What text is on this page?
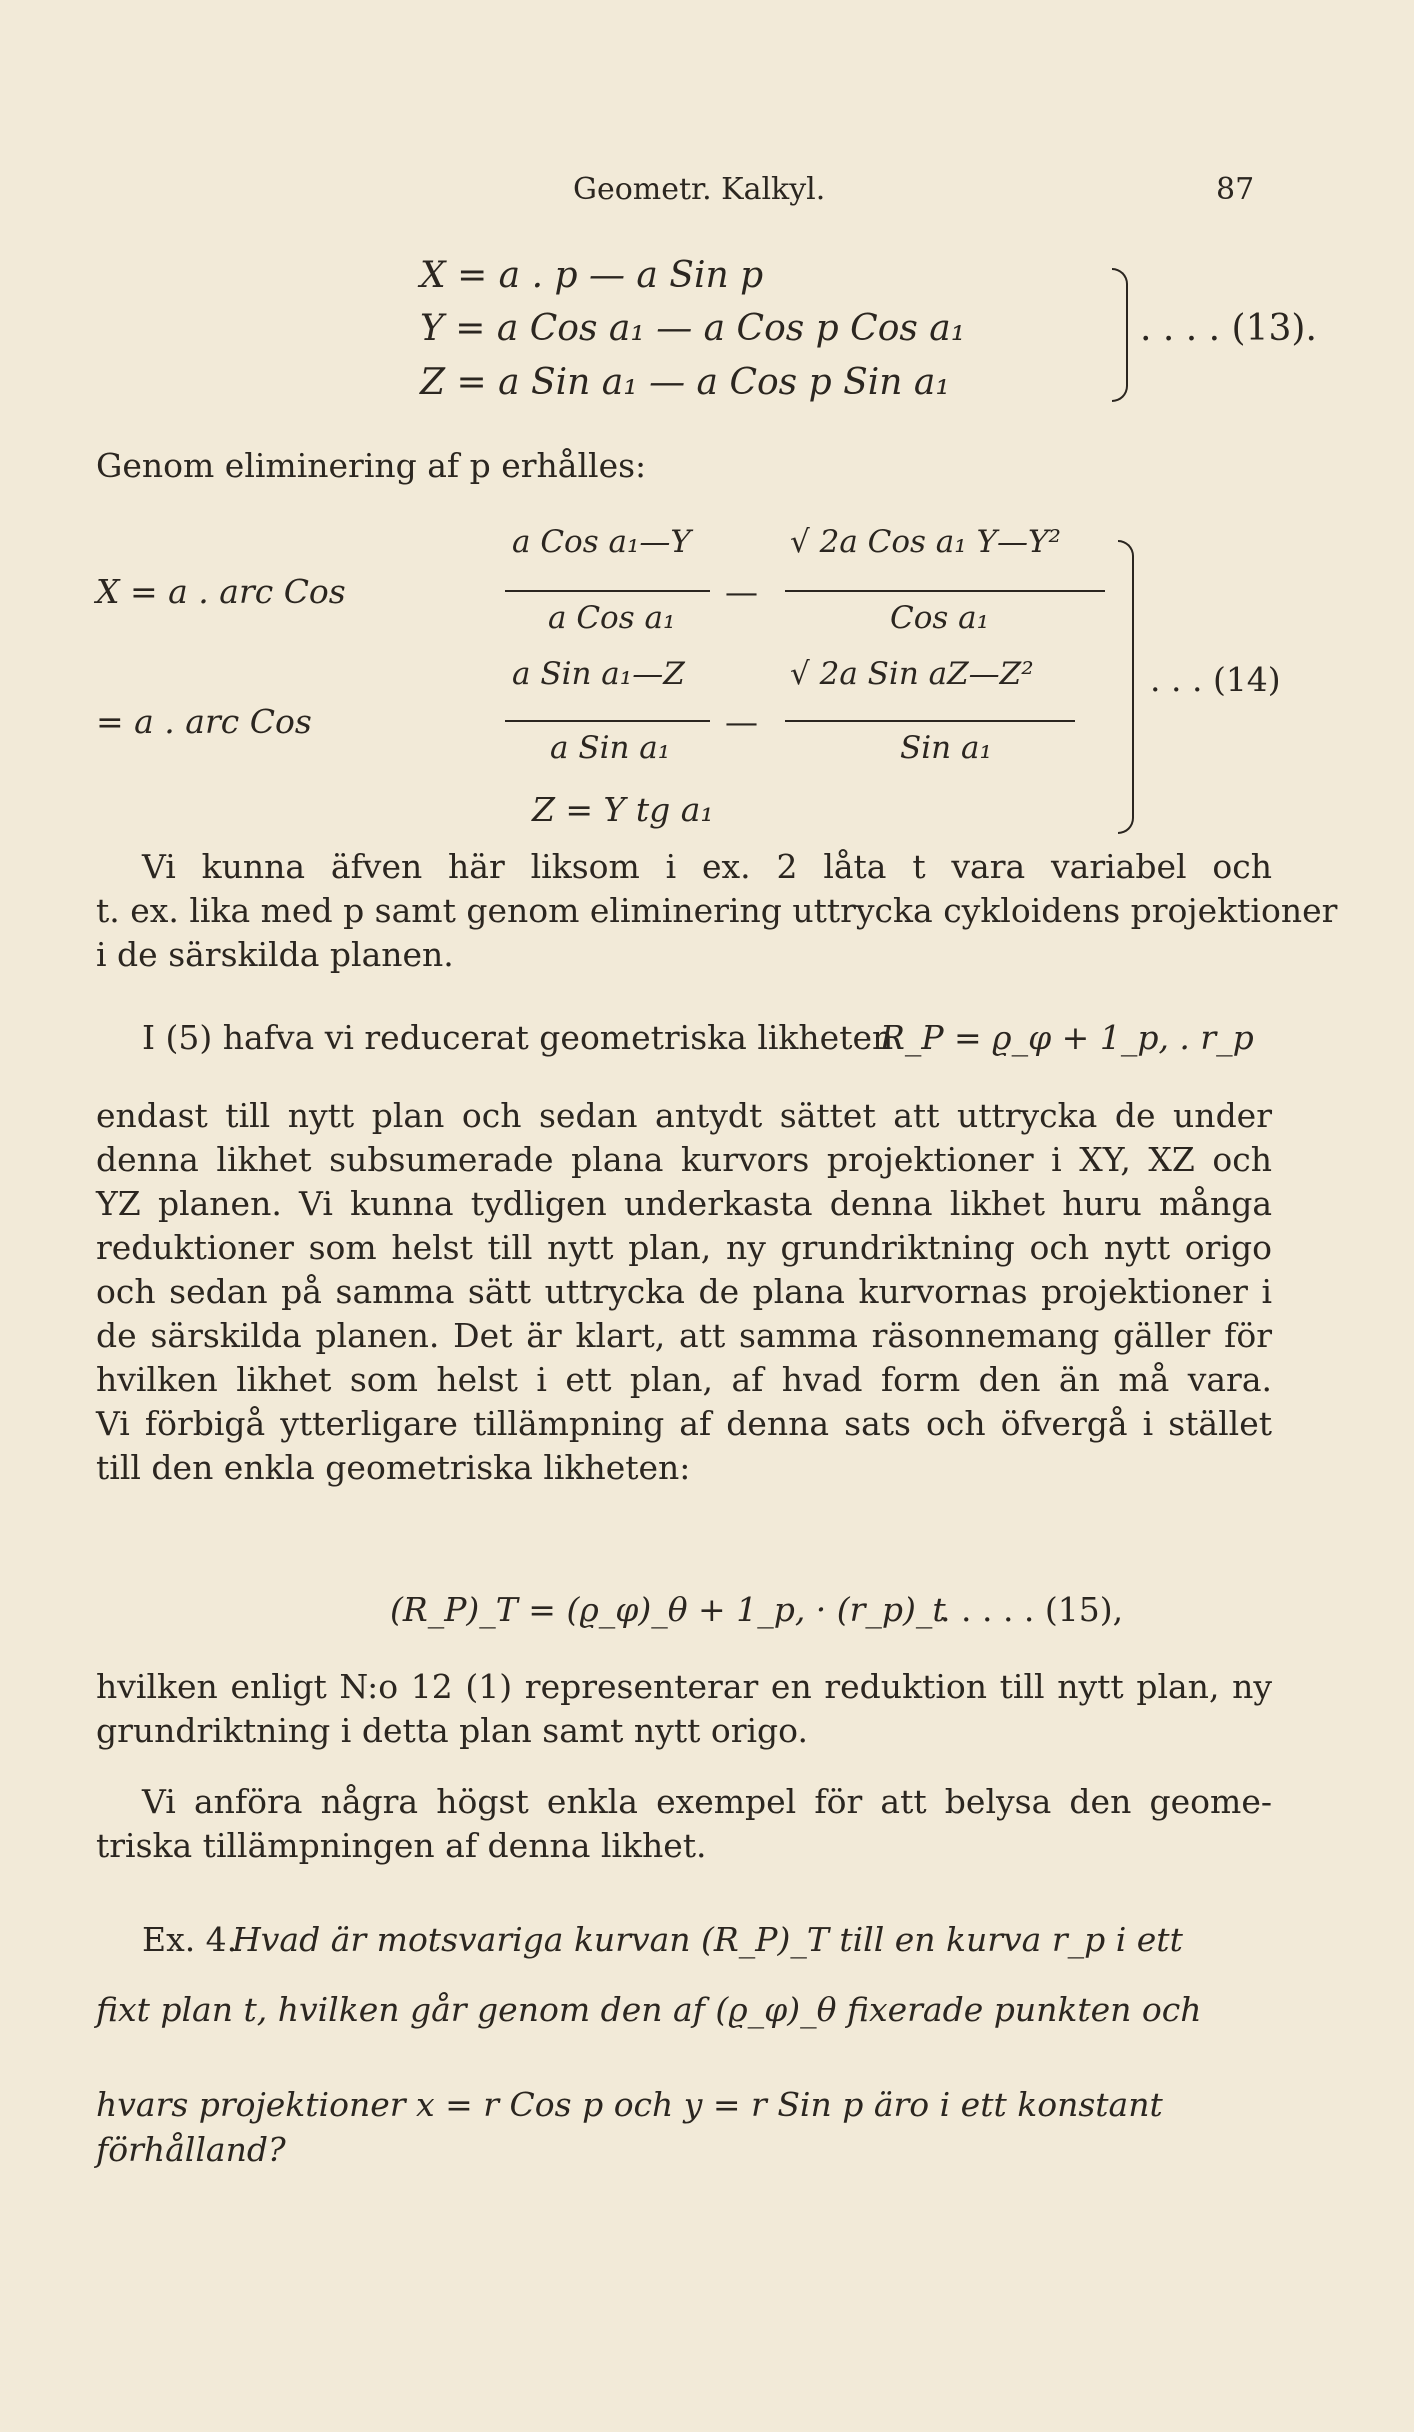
Geometr. Kalkyl.	87
X = a . p — a Sin p
Y = a Cos a₁ — a Cos p Cos a₁
Z = a Sin a₁ — a Cos p Sin a₁
. . . . (13).
Genom eliminering af p erhålles:
X = a . arc Cos
a Cos a₁—Y
a Cos a₁
—
√ 2a Cos a₁ Y—Y²
Cos a₁
= a . arc Cos
a Sin a₁—Z
a Sin a₁
—
√ 2a Sin aZ—Z²
Sin a₁
Z = Y tg a₁
. . . (14)
Vi kunna äfven här liksom i ex. 2 låta t vara variabel och
t. ex. lika med p samt genom eliminering uttrycka cykloidens projektioner
i de särskilda planen.
I (5) hafva vi reducerat geometriska likheten
R_P = ϱ_φ + 1_p, . r_p
endast till nytt plan och sedan antydt sättet att uttrycka de under
denna likhet subsumerade plana kurvors projektioner i XY, XZ och
YZ planen. Vi kunna tydligen underkasta denna likhet huru många
reduktioner som helst till nytt plan, ny grundriktning och nytt origo
och sedan på samma sätt uttrycka de plana kurvornas projektioner i
de särskilda planen. Det är klart, att samma räsonnemang gäller för
hvilken likhet som helst i ett plan, af hvad form den än må vara.
Vi förbigå ytterligare tillämpning af denna sats och öfvergå i stället
till den enkla geometriska likheten:
(R_P)_T = (ϱ_φ)_θ + 1_p, · (r_p)_t
. . . . . (15),
hvilken enligt N:o 12 (1) representerar en reduktion till nytt plan, ny
grundriktning i detta plan samt nytt origo.
Vi anföra några högst enkla exempel för att belysa den geome-
triska tillämpningen af denna likhet.
Ex. 4.
Hvad är motsvariga kurvan (R_P)_T till en kurva r_p i ett
fixt plan t, hvilken går genom den af (ϱ_φ)_θ fixerade punkten och
hvars projektioner x = r Cos p och y = r Sin p äro i ett konstant
förhålland?
